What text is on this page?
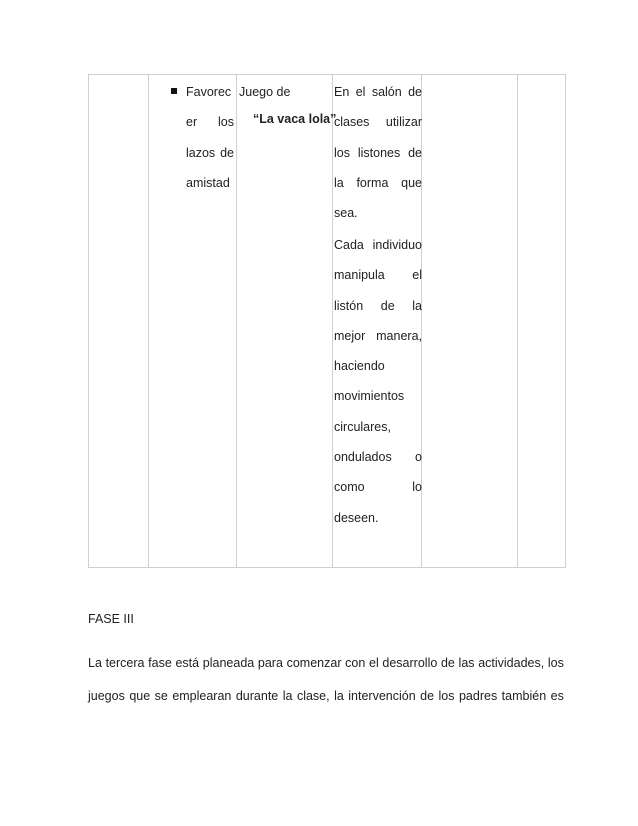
Favorec
er los
lazos de
amistad
Juego de
“La vaca lola”
En el salón de
clases utilizar
los listones de
la forma que
sea.
Cada individuo
manipula el
listón de la
mejor manera,
haciendo
movimientos
circulares,
ondulados o
como	lo
deseen.
FASE III
La tercera fase está planeada para comenzar con el desarrollo de las actividades, los
juegos que se emplearan durante la clase, la intervención de los padres también es
